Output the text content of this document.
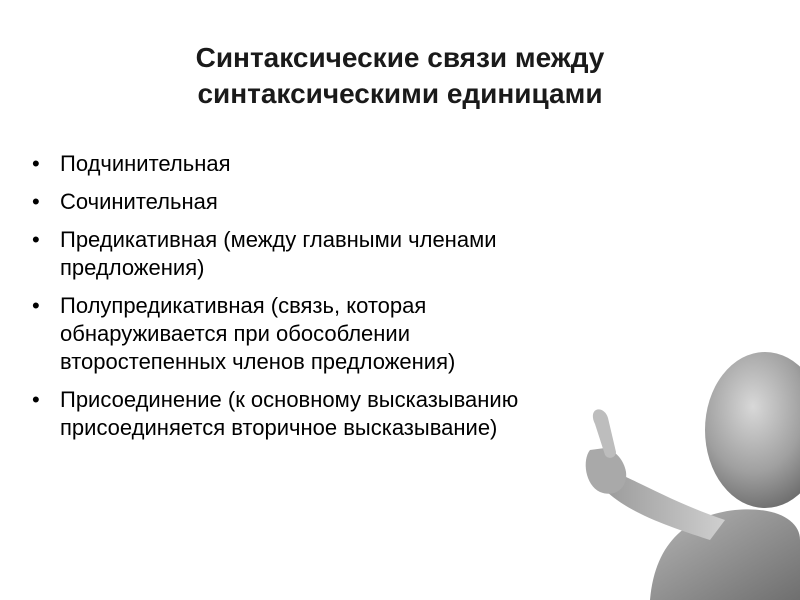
Синтаксические связи между
синтаксическими единицами
• Подчинительная
• Сочинительная
• Предикативная (между главными членами предложения)
• Полупредикативная (связь, которая обнаруживается при обособлении второстепенных членов предложения)
• Присоединение (к основному высказыванию присоединяется вторичное высказывание)
